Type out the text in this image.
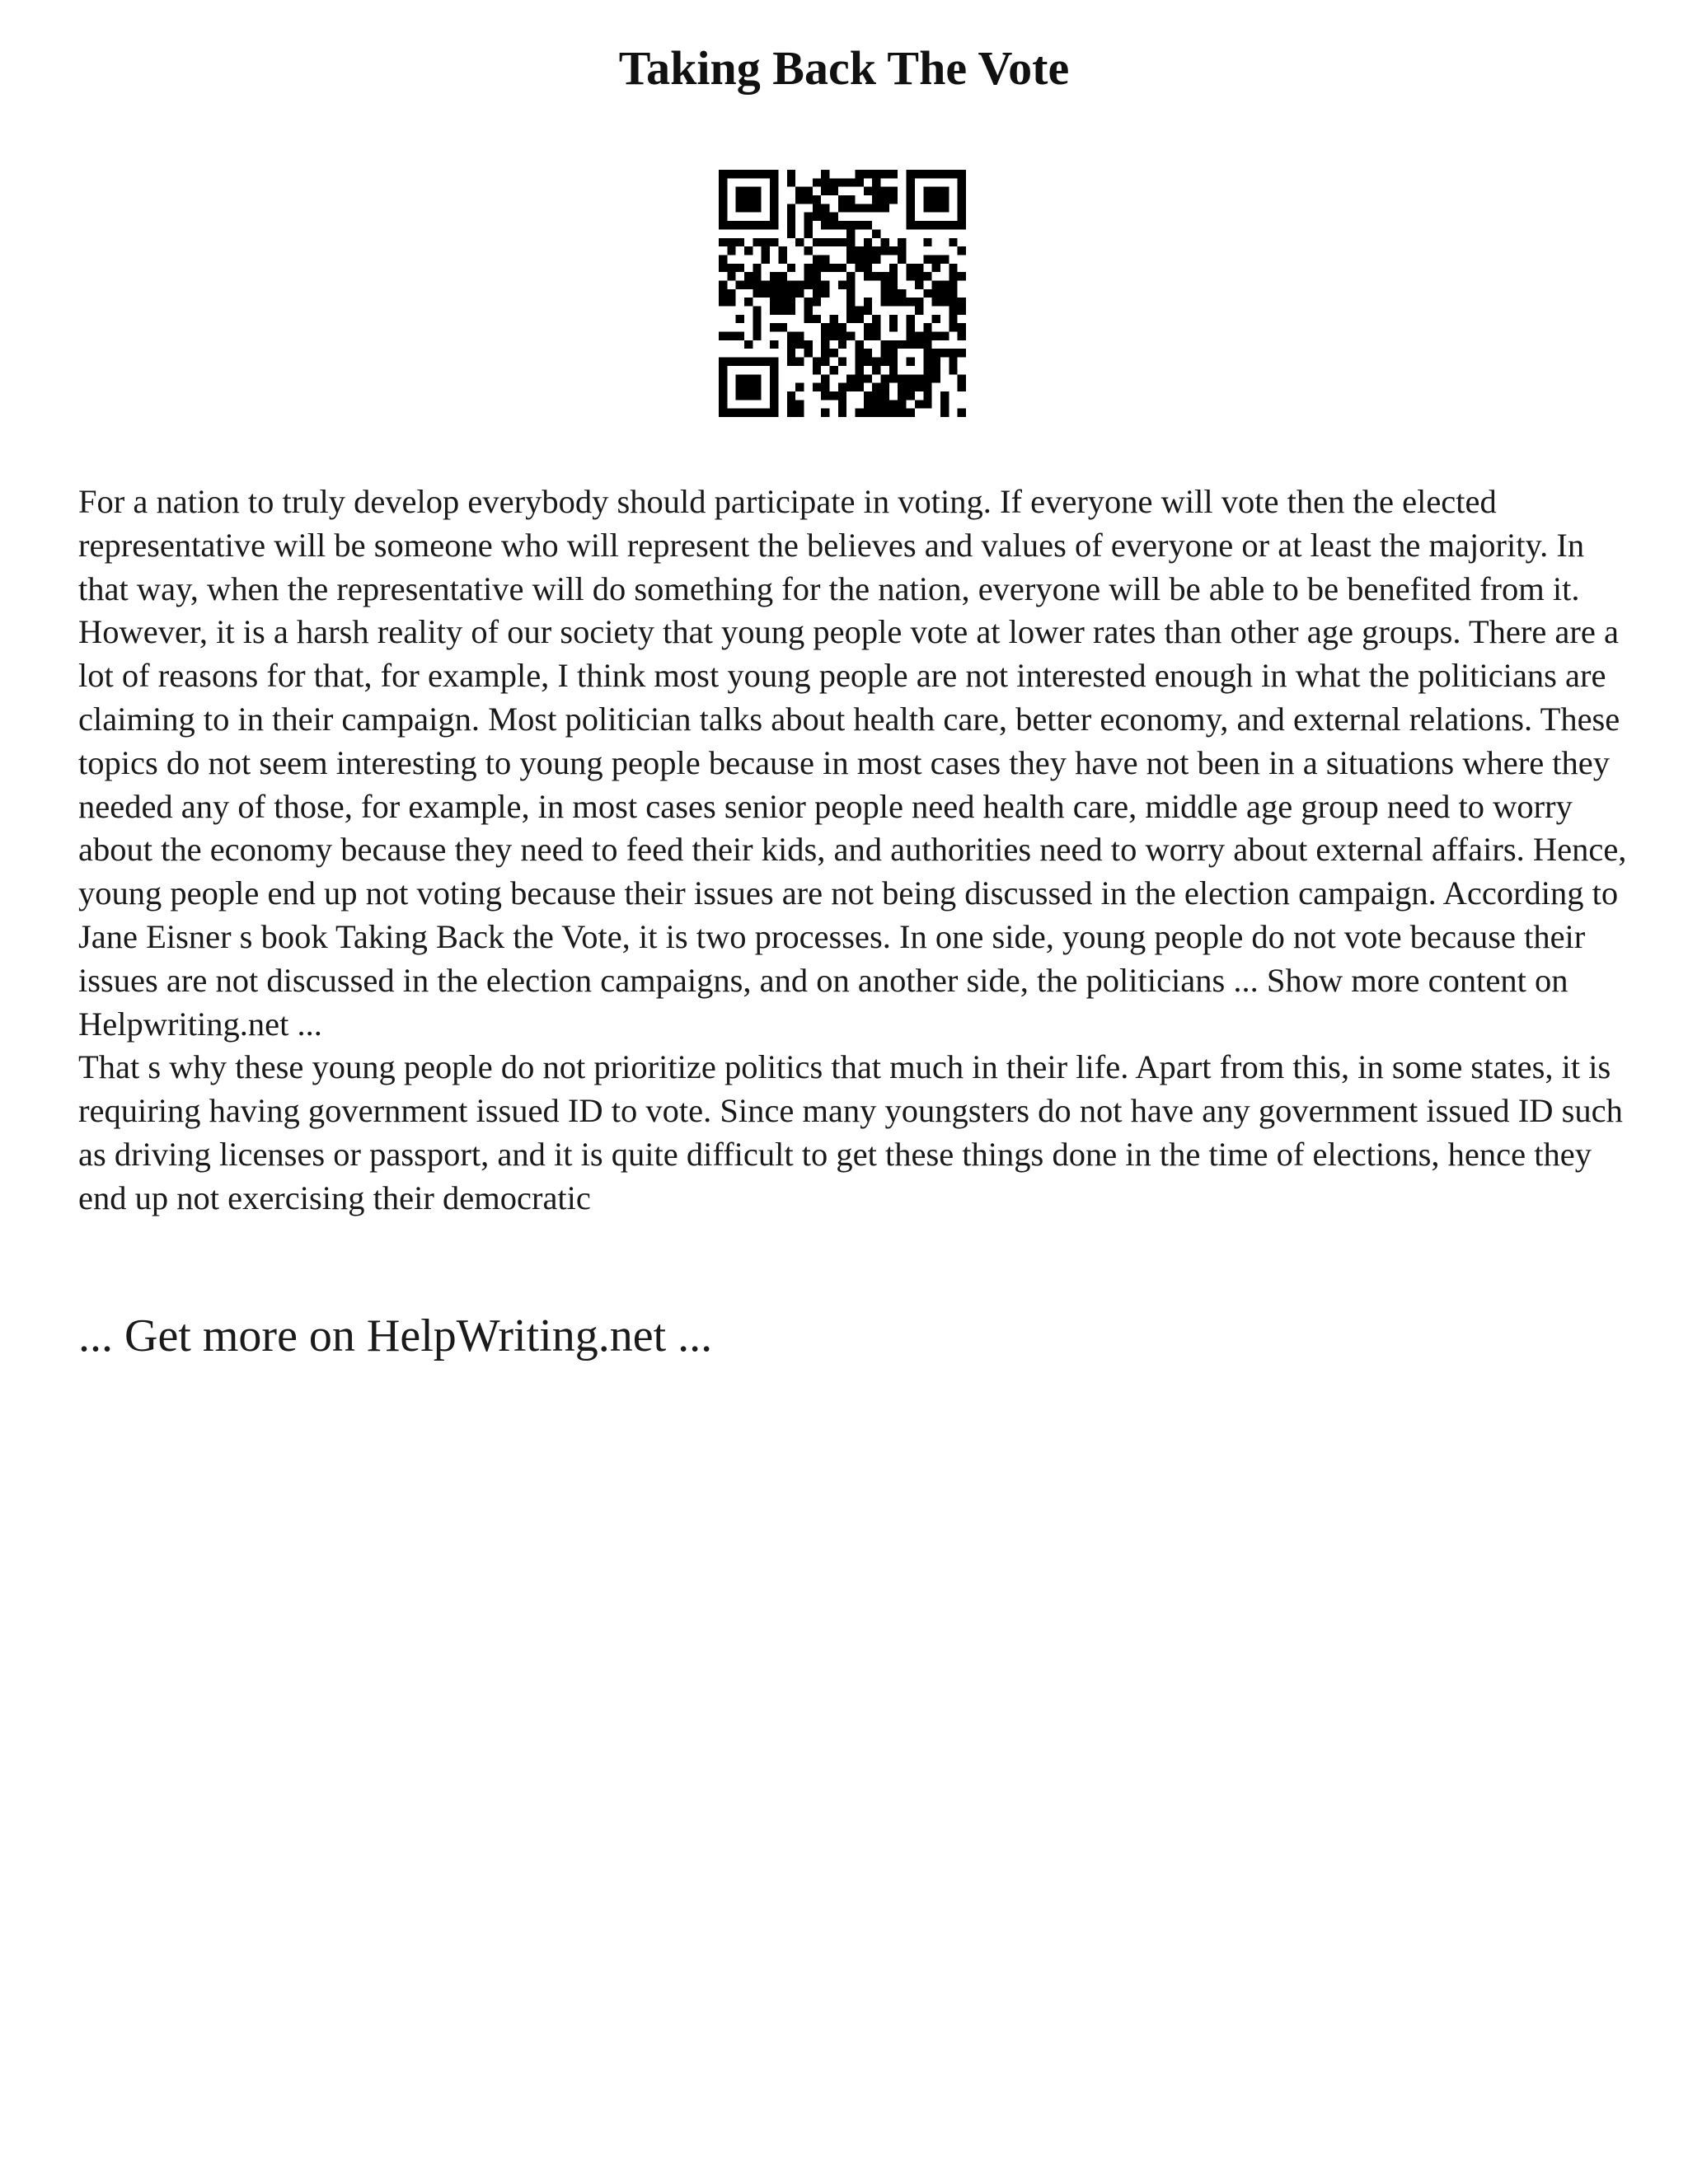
Taking Back The Vote

For a nation to truly develop everybody should participate in voting. If everyone will vote then the elected representative will be someone who will represent the believes and values of everyone or at least the majority. In that way, when the representative will do something for the nation, everyone will be able to be benefited from it. However, it is a harsh reality of our society that young people vote at lower rates than other age groups. There are a lot of reasons for that, for example, I think most young people are not interested enough in what the politicians are claiming to in their campaign. Most politician talks about health care, better economy, and external relations. These topics do not seem interesting to young people because in most cases they have not been in a situations where they needed any of those, for example, in most cases senior people need health care, middle age group need to worry about the economy because they need to feed their kids, and authorities need to worry about external affairs. Hence, young people end up not voting because their issues are not being discussed in the election campaign. According to Jane Eisner s book Taking Back the Vote, it is two processes. In one side, young people do not vote because their issues are not discussed in the election campaigns, and on another side, the politicians ... Show more content on Helpwriting.net ...

That s why these young people do not prioritize politics that much in their life. Apart from this, in some states, it is requiring having government issued ID to vote. Since many youngsters do not have any government issued ID such as driving licenses or passport, and it is quite difficult to get these things done in the time of elections, hence they end up not exercising their democratic

... Get more on HelpWriting.net ...
